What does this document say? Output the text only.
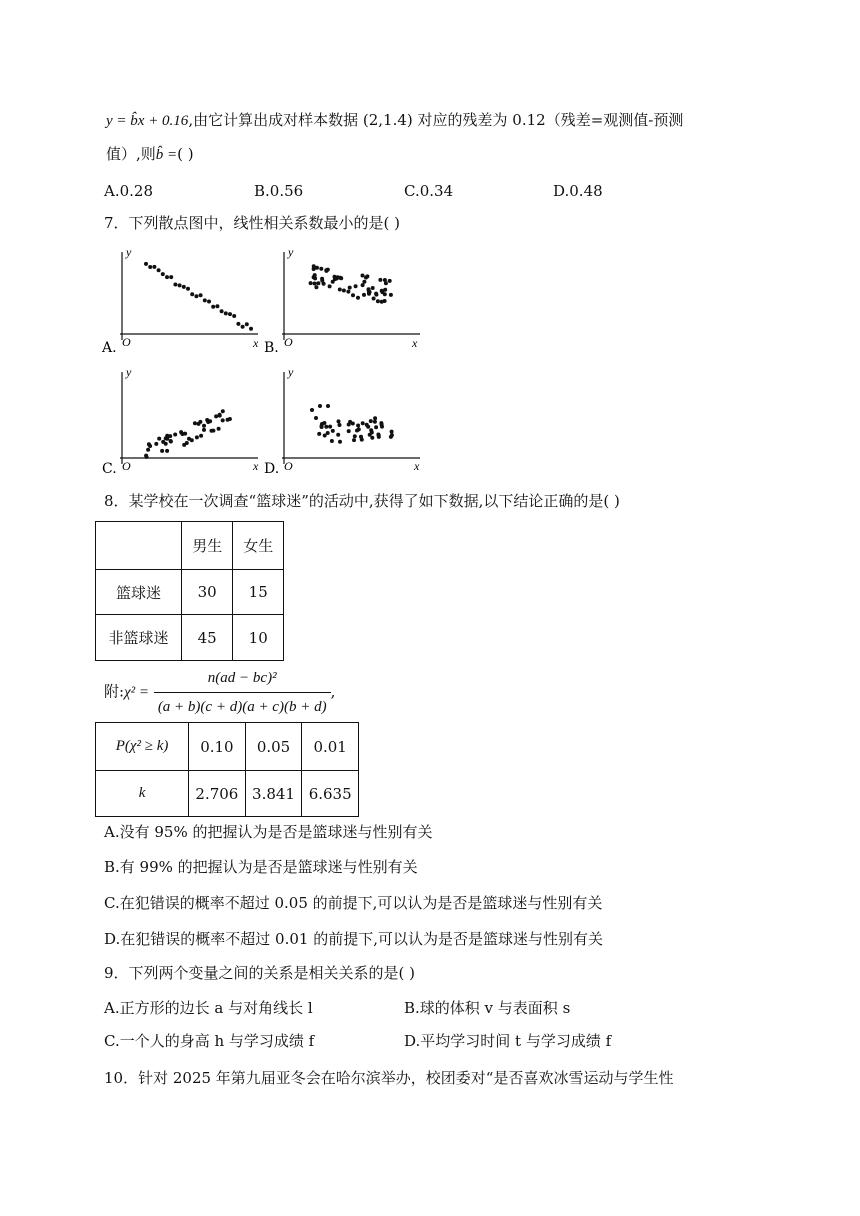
y = b̂x + 0.16,由它计算出成对样本数据 (2,1.4) 对应的残差为 0.12（残差=观测值-预测
值）,则b̂ =( )
A.0.28	B.0.56	C.0.34	D.0.48
7．下列散点图中，线性相关系数最小的是( )
y
x
O
A.
y
x
O
B.
y
x
O
C.
y
x
O
D.
8．某学校在一次调查“篮球迷”的活动中,获得了如下数据,以下结论正确的是( )
	男生	女生
篮球迷	30	15
非篮球迷	45	10
附:χ² = $\frac{\text{n(ad − bc)²}}{(a + b)(c + d)(a + c)(b + d)}$ ,
P(χ² ≥ k)	0.10	0.05	0.01
k	2.706	3.841	6.635
A.没有 95% 的把握认为是否是篮球迷与性别有关
B.有 99% 的把握认为是否是篮球迷与性别有关
C.在犯错误的概率不超过 0.05 的前提下,可以认为是否是篮球迷与性别有关
D.在犯错误的概率不超过 0.01 的前提下,可以认为是否是篮球迷与性别有关
9．下列两个变量之间的关系是相关关系的是( )
A.正方形的边长 a 与对角线长 l	B.球的体积 v 与表面积 s
C.一个人的身高 h 与学习成绩 f	D.平均学习时间 t 与学习成绩 f
10．针对 2025 年第九届亚冬会在哈尔滨举办，校团委对“是否喜欢冰雪运动与学生性
